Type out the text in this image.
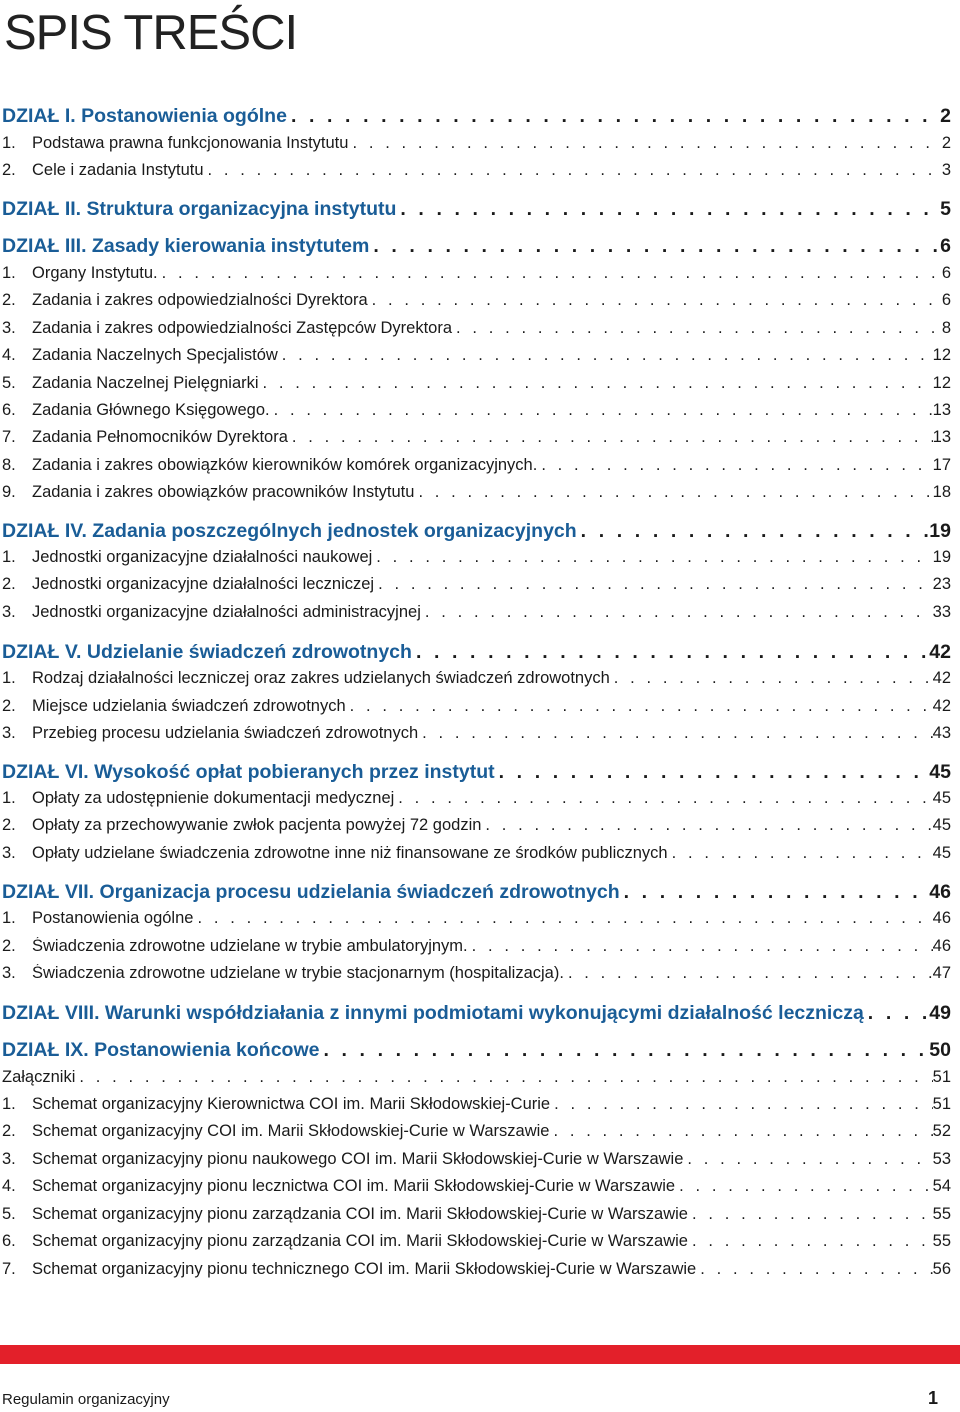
SPIS TREŚCI
DZIAŁ I. Postanowienia ogólne . . .	2
1. Podstawa prawna funkcjonowania Instytutu . . .	2
2. Cele i zadania Instytutu . . .	3
DZIAŁ II. Struktura organizacyjna instytutu . . .	5
DZIAŁ III. Zasady kierowania instytutem . . .	6
1. Organy Instytutu. . . .	6
2. Zadania i zakres odpowiedzialności Dyrektora . . .	6
3. Zadania i zakres odpowiedzialności Zastępców Dyrektora . . .	8
4. Zadania Naczelnych Specjalistów . . .	12
5. Zadania Naczelnej Pielęgniarki . . .	12
6. Zadania Głównego Księgowego. . . .	13
7. Zadania Pełnomocników Dyrektora . . .	13
8. Zadania i zakres obowiązków kierowników komórek organizacyjnych. . . .	17
9. Zadania i zakres obowiązków pracowników Instytutu . . .	18
DZIAŁ IV. Zadania poszczególnych jednostek organizacyjnych . . .	19
1. Jednostki organizacyjne działalności naukowej . . .	19
2. Jednostki organizacyjne działalności leczniczej . . .	23
3. Jednostki organizacyjne działalności administracyjnej . . .	33
DZIAŁ V. Udzielanie świadczeń zdrowotnych . . .	42
1. Rodzaj działalności leczniczej oraz zakres udzielanych świadczeń zdrowotnych . . .	42
2. Miejsce udzielania świadczeń zdrowotnych . . .	42
3. Przebieg procesu udzielania świadczeń zdrowotnych . . .	43
DZIAŁ VI. Wysokość opłat pobieranych przez instytut . . .	45
1. Opłaty za udostępnienie dokumentacji medycznej . . .	45
2. Opłaty za przechowywanie zwłok pacjenta powyżej 72 godzin . . .	45
3. Opłaty udzielane świadczenia zdrowotne inne niż finansowane ze środków publicznych . . .	45
DZIAŁ VII. Organizacja procesu udzielania świadczeń zdrowotnych . . .	46
1. Postanowienia ogólne . . .	46
2. Świadczenia zdrowotne udzielane w trybie ambulatoryjnym. . . .	46
3. Świadczenia zdrowotne udzielane w trybie stacjonarnym (hospitalizacja). . . .	47
DZIAŁ VIII. Warunki współdziałania z innymi podmiotami wykonującymi działalność leczniczą . . .	49
DZIAŁ IX. Postanowienia końcowe . . .	50
Załączniki . . .	51
1. Schemat organizacyjny Kierownictwa COI im. Marii Skłodowskiej-Curie . . .	51
2. Schemat organizacyjny COI im. Marii Skłodowskiej-Curie w Warszawie . . .	52
3. Schemat organizacyjny pionu naukowego COI im. Marii Skłodowskiej-Curie w Warszawie . . .	53
4. Schemat organizacyjny pionu lecznictwa COI im. Marii Skłodowskiej-Curie w Warszawie . . .	54
5. Schemat organizacyjny pionu zarządzania COI im. Marii Skłodowskiej-Curie w Warszawie . . .	55
6. Schemat organizacyjny pionu zarządzania COI im. Marii Skłodowskiej-Curie w Warszawie . . .	55
7. Schemat organizacyjny pionu technicznego COI im. Marii Skłodowskiej-Curie w Warszawie . . .	56
Regulamin organizacyjny	1
